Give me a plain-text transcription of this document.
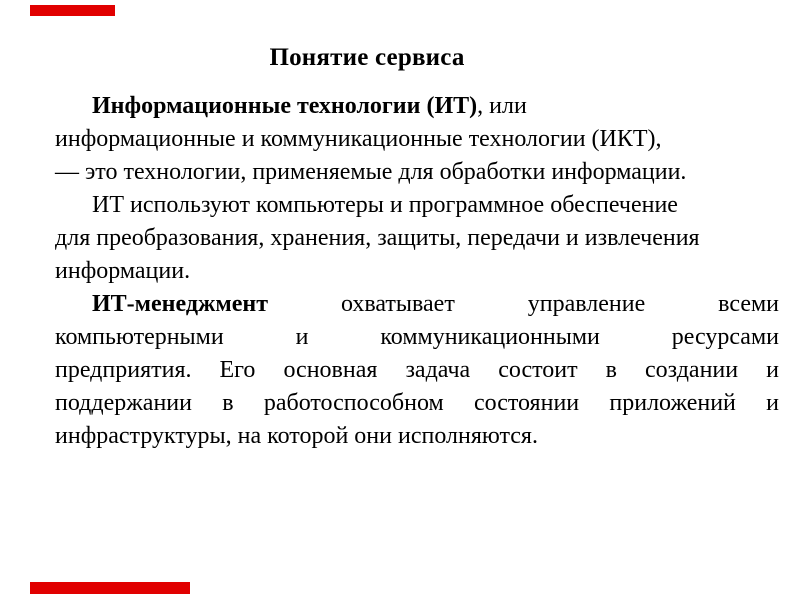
Понятие сервиса
Информационные технологии (ИТ), или
информационные и коммуникационные технологии (ИКТ),
— это технологии, применяемые для обработки информации.
ИТ используют компьютеры и программное обеспечение
для преобразования, хранения, защиты, передачи и извлечения
информации.
ИТ-менеджмент охватывает управление всеми
компьютерными и коммуникационными ресурсами
предприятия. Его основная задача состоит в создании и
поддержании в работоспособном состоянии приложений и
инфраструктуры, на которой они исполняются.
